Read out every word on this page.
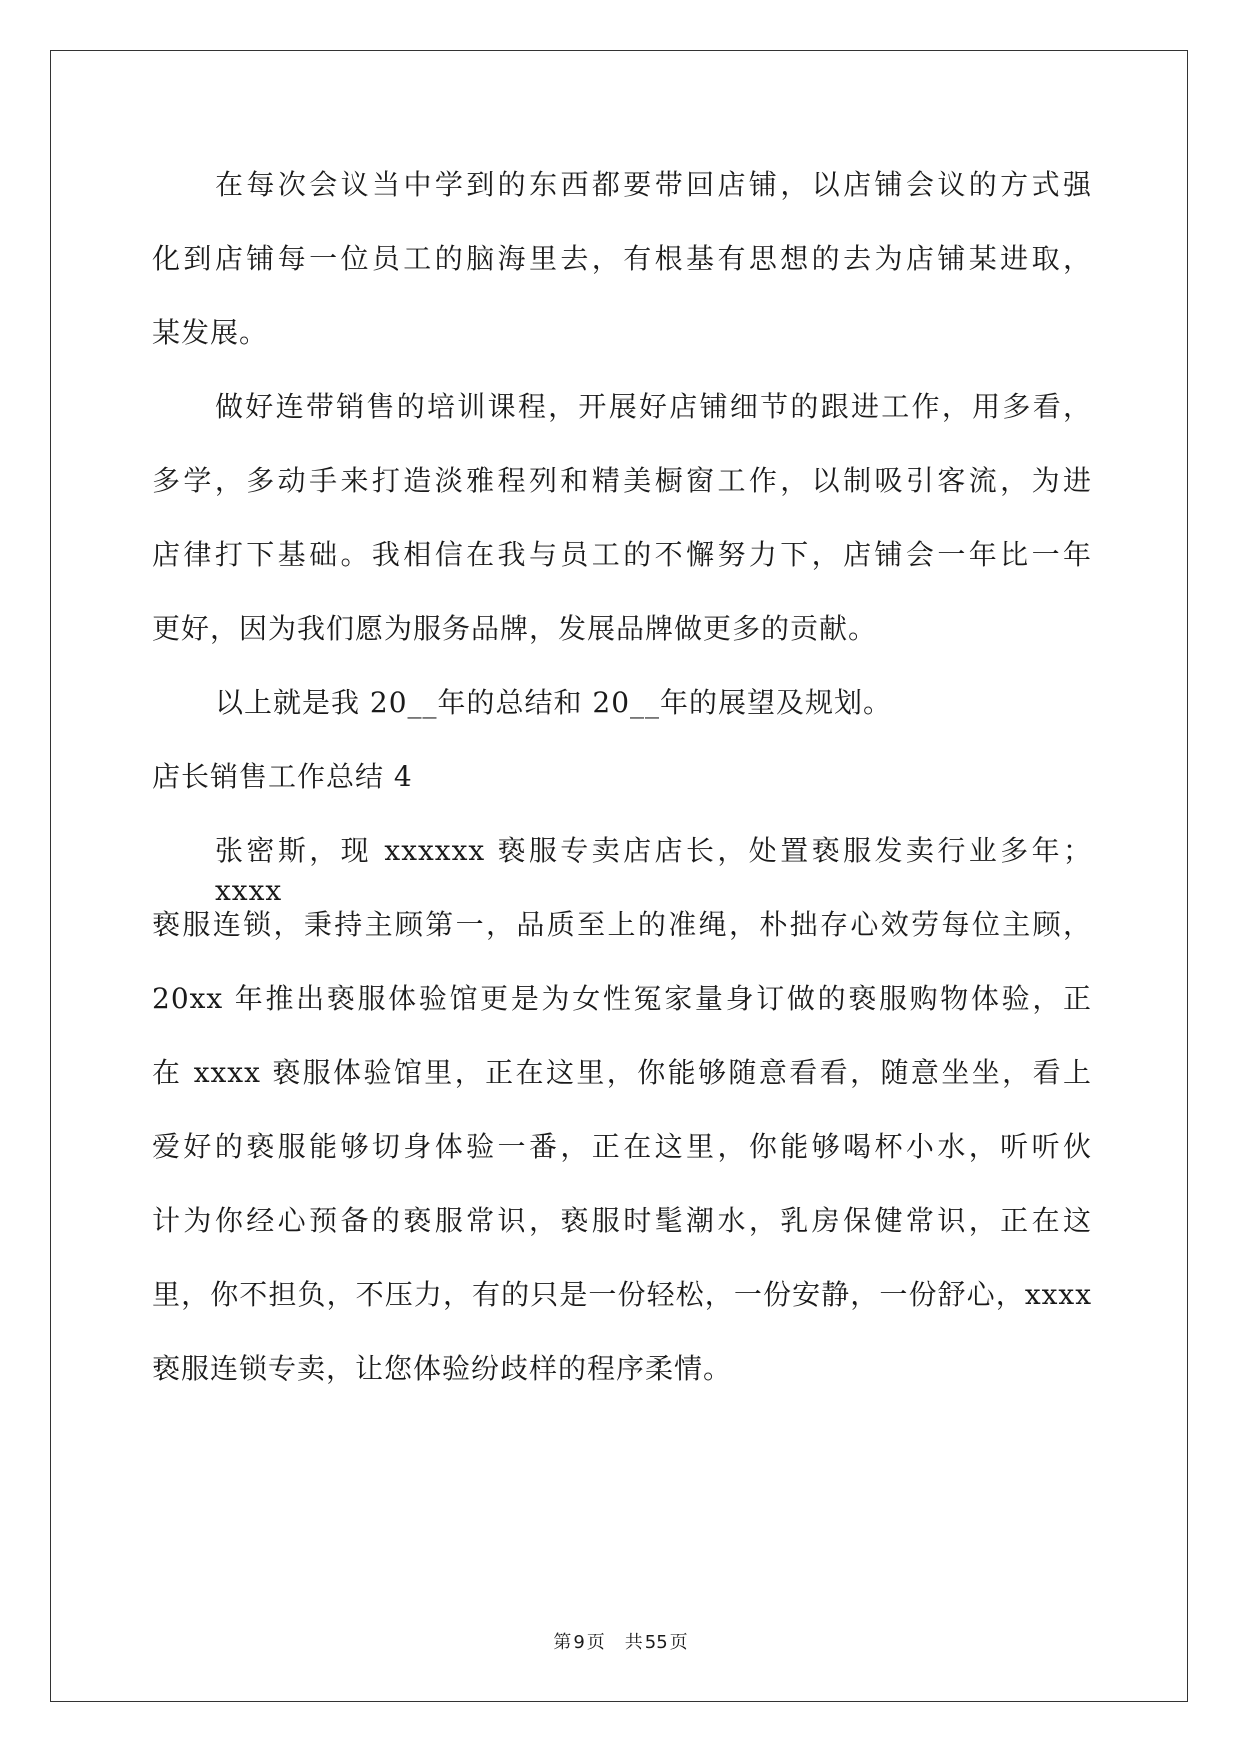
在每次会议当中学到的东西都要带回店铺，以店铺会议的方式强
化到店铺每一位员工的脑海里去，有根基有思想的去为店铺某进取，
某发展。
做好连带销售的培训课程，开展好店铺细节的跟进工作，用多看，
多学，多动手来打造淡雅程列和精美橱窗工作，以制吸引客流，为进
店律打下基础。我相信在我与员工的不懈努力下，店铺会一年比一年
更好，因为我们愿为服务品牌，发展品牌做更多的贡献。
以上就是我 20__年的总结和 20__年的展望及规划。
店长销售工作总结 4
张密斯，现 xxxxxx 亵服专卖店店长，处置亵服发卖行业多年；xxxx
亵服连锁，秉持主顾第一，品质至上的准绳，朴拙存心效劳每位主顾，
20xx 年推出亵服体验馆更是为女性冤家量身订做的亵服购物体验，正
在 xxxx 亵服体验馆里，正在这里，你能够随意看看，随意坐坐，看上
爱好的亵服能够切身体验一番，正在这里，你能够喝杯小水，听听伙
计为你经心预备的亵服常识，亵服时髦潮水，乳房保健常识，正在这
里，你不担负，不压力，有的只是一份轻松，一份安静，一份舒心，xxxx
亵服连锁专卖，让您体验纷歧样的程序柔情。
第 9 页 共 55 页
